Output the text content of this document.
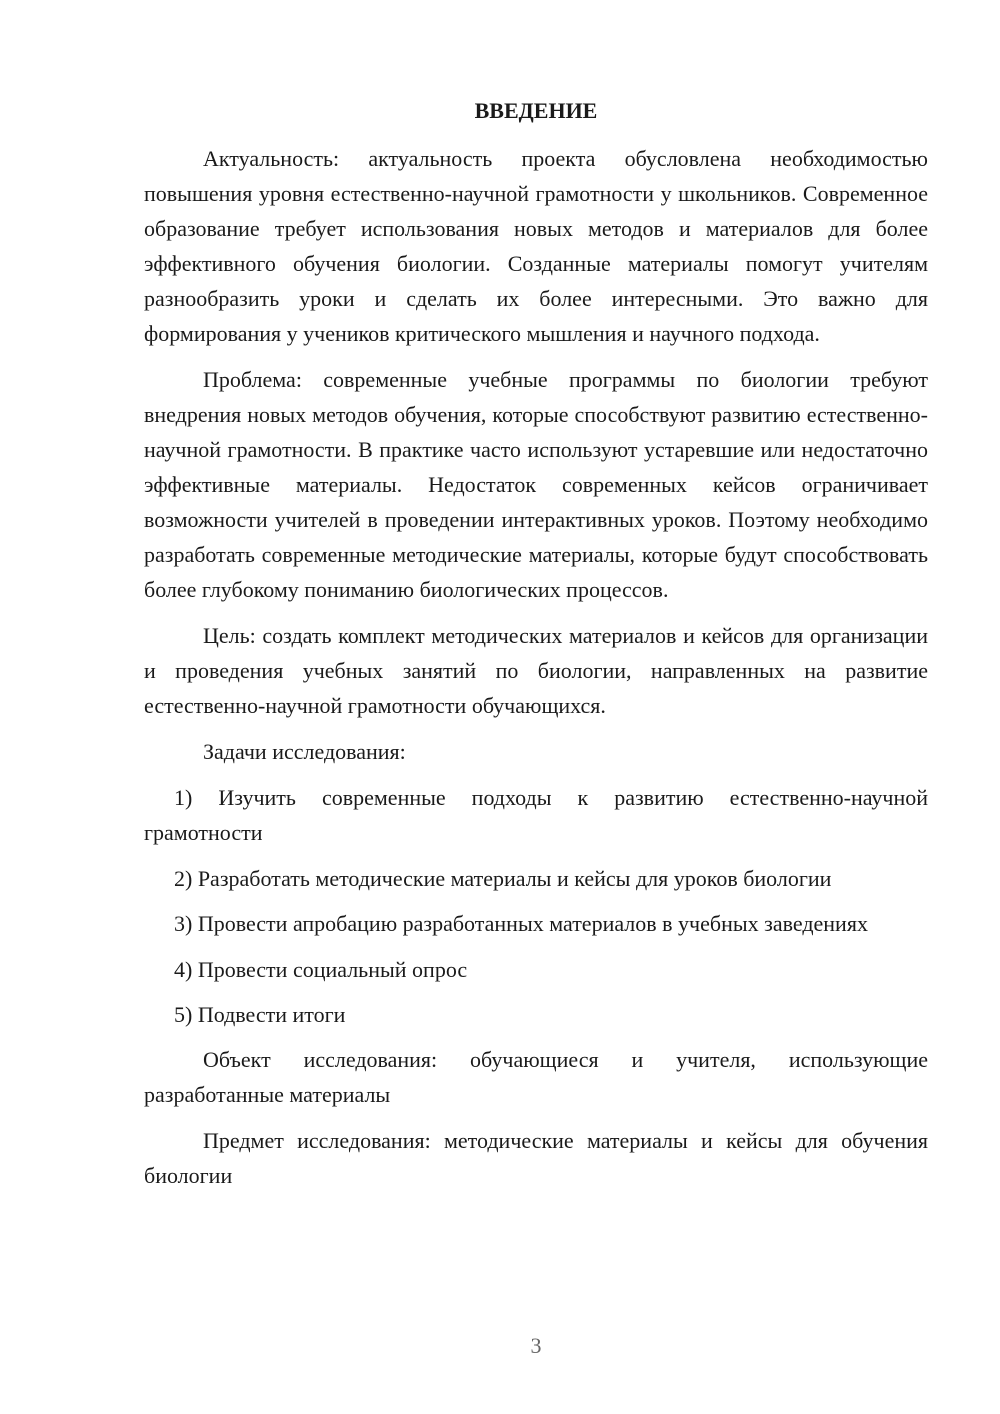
ВВЕДЕНИЕ

Актуальность: актуальность проекта обусловлена необходимостью повышения уровня естественно-научной грамотности у школьников. Современное образование требует использования новых методов и материалов для более эффективного обучения биологии. Созданные материалы помогут учителям разнообразить уроки и сделать их более интересными. Это важно для формирования у учеников критического мышления и научного подхода.

Проблема: современные учебные программы по биологии требуют внедрения новых методов обучения, которые способствуют развитию естественно-научной грамотности. В практике часто используют устаревшие или недостаточно эффективные материалы. Недостаток современных кейсов ограничивает возможности учителей в проведении интерактивных уроков. Поэтому необходимо разработать современные методические материалы, которые будут способствовать более глубокому пониманию биологических процессов.

Цель: создать комплект методических материалов и кейсов для организации и проведения учебных занятий по биологии, направленных на развитие естественно-научной грамотности обучающихся.

Задачи исследования:

1) Изучить современные подходы к развитию естественно-научной грамотности

2) Разработать методические материалы и кейсы для уроков биологии

3) Провести апробацию разработанных материалов в учебных заведениях

4) Провести социальный опрос

5) Подвести итоги

Объект исследования: обучающиеся и учителя, использующие разработанные материалы

Предмет исследования: методические материалы и кейсы для обучения биологии

3
